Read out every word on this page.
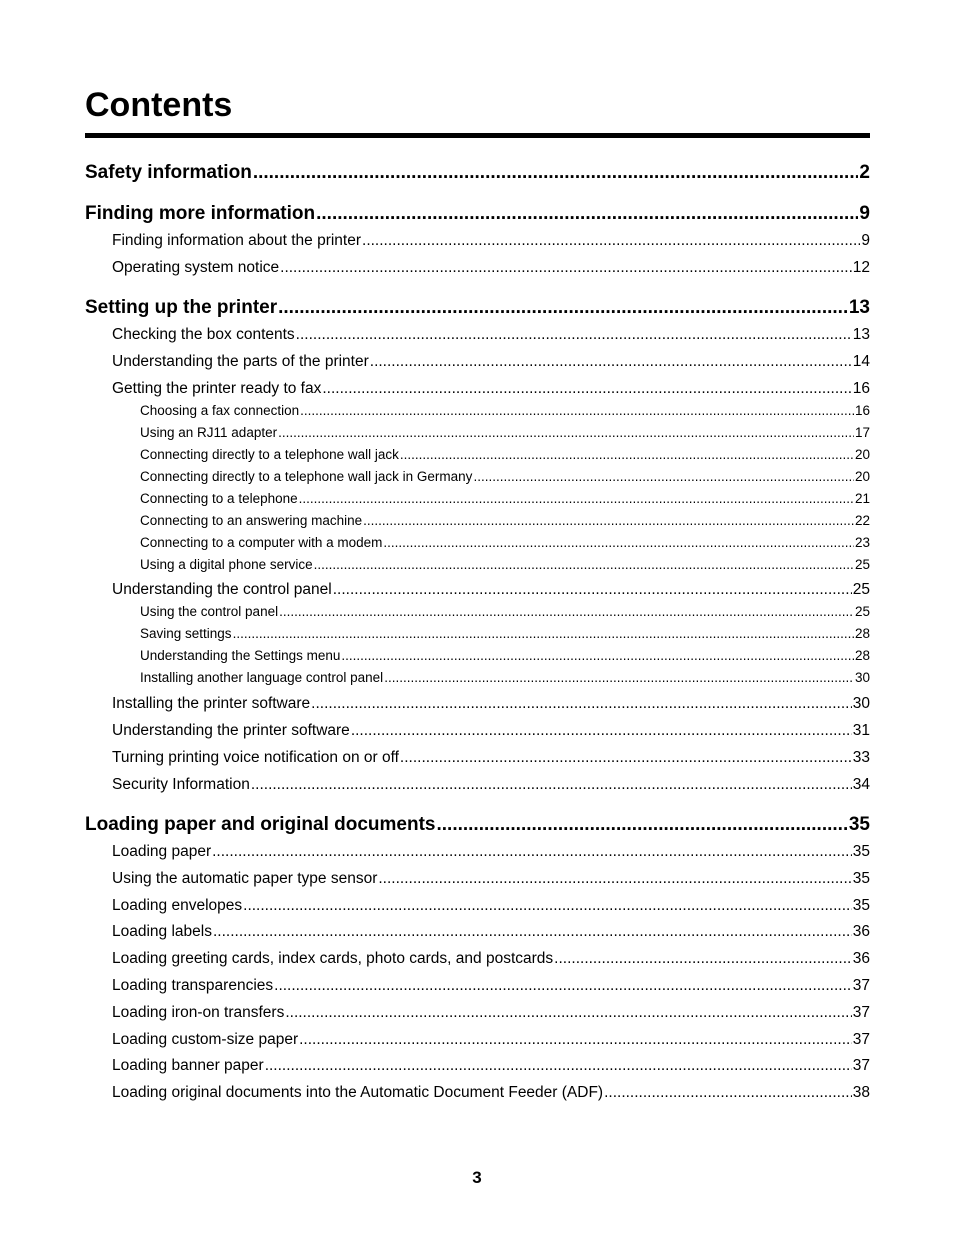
Contents
Safety information .....	2
Finding more information .....	9
Finding information about the printer .....	9
Operating system notice .....	12
Setting up the printer .....	13
Checking the box contents .....	13
Understanding the parts of the printer .....	14
Getting the printer ready to fax .....	16
Choosing a fax connection .....	16
Using an RJ11 adapter .....	17
Connecting directly to a telephone wall jack .....	20
Connecting directly to a telephone wall jack in Germany .....	20
Connecting to a telephone .....	21
Connecting to an answering machine .....	22
Connecting to a computer with a modem .....	23
Using a digital phone service .....	25
Understanding the control panel .....	25
Using the control panel .....	25
Saving settings .....	28
Understanding the Settings menu .....	28
Installing another language control panel .....	30
Installing the printer software .....	30
Understanding the printer software .....	31
Turning printing voice notification on or off .....	33
Security Information .....	34
Loading paper and original documents .....	35
Loading paper .....	35
Using the automatic paper type sensor .....	35
Loading envelopes .....	35
Loading labels .....	36
Loading greeting cards, index cards, photo cards, and postcards .....	36
Loading transparencies .....	37
Loading iron-on transfers .....	37
Loading custom-size paper .....	37
Loading banner paper .....	37
Loading original documents into the Automatic Document Feeder (ADF) .....	38
3
